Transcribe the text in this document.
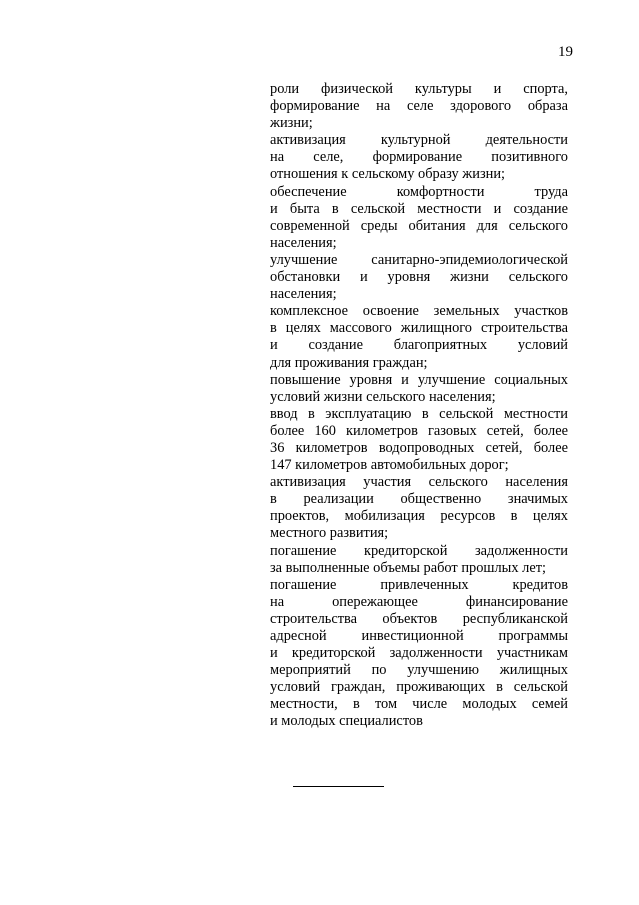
19
роли физической культуры и спорта,
формирование на селе здорового образа
жизни;
активизация культурной деятельности
на селе, формирование позитивного
отношения к сельскому образу жизни;
обеспечение комфортности труда
и быта в сельской местности и создание
современной среды обитания для сельского
населения;
улучшение санитарно-эпидемиологической
обстановки и уровня жизни сельского
населения;
комплексное освоение земельных участков
в целях массового жилищного строительства
и создание благоприятных условий
для проживания граждан;
повышение уровня и улучшение социальных
условий жизни сельского населения;
ввод в эксплуатацию в сельской местности
более 160 километров газовых сетей, более
36 километров водопроводных сетей, более
147 километров автомобильных дорог;
активизация участия сельского населения
в реализации общественно значимых
проектов, мобилизация ресурсов в целях
местного развития;
погашение кредиторской задолженности
за выполненные объемы работ прошлых лет;
погашение привлеченных кредитов
на опережающее финансирование
строительства объектов республиканской
адресной инвестиционной программы
и кредиторской задолженности участникам
мероприятий по улучшению жилищных
условий граждан, проживающих в сельской
местности, в том числе молодых семей
и молодых специалистов
